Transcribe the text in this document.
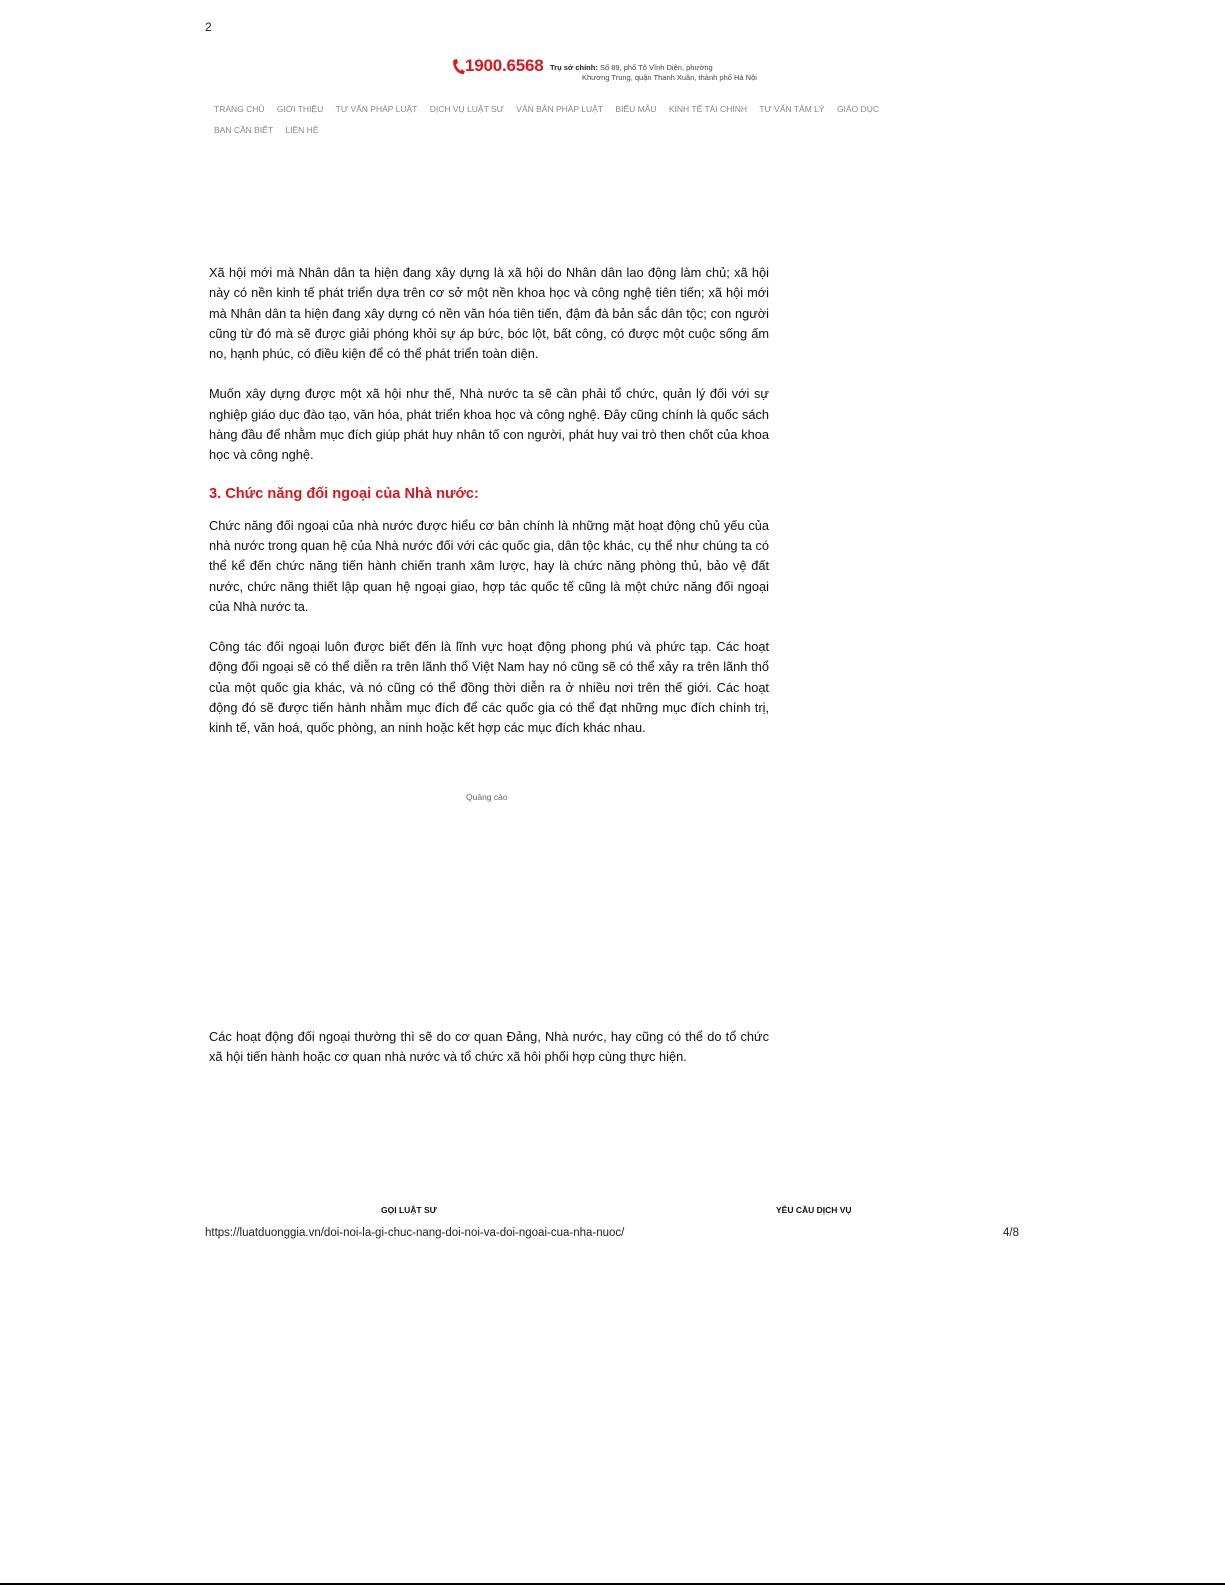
2
1900.6568 Trụ sở chính: Số 89, phố Tô Vĩnh Diện, phường
Khương Trung, quận Thanh Xuân, thành phố Hà Nội
TRANG CHỦ GIỚI THIỆU TƯ VẤN PHÁP LUẬT DỊCH VỤ LUẬT SƯ VĂN BẢN PHÁP LUẬT BIỂU MẪU KINH TẾ TÀI CHÍNH TƯ VẤN TÂM LÝ GIÁO DỤC
BẠN CẦN BIẾT LIÊN HỆ

Xã hội mới mà Nhân dân ta hiện đang xây dựng là xã hội do Nhân dân lao động làm chủ; xã hội này có nền kinh tế phát triển dựa trên cơ sở một nền khoa học và công nghệ tiên tiến; xã hội mới mà Nhân dân ta hiện đang xây dựng có nền văn hóa tiên tiến, đậm đà bản sắc dân tộc; con người cũng từ đó mà sẽ được giải phóng khỏi sự áp bức, bóc lột, bất công, có được một cuộc sống ấm no, hạnh phúc, có điều kiện để có thể phát triển toàn diện.

Muốn xây dựng được một xã hội như thế, Nhà nước ta sẽ cần phải tổ chức, quản lý đối với sự nghiệp giáo dục đào tạo, văn hóa, phát triển khoa học và công nghệ. Đây cũng chính là quốc sách hàng đầu để nhằm mục đích giúp phát huy nhân tố con người, phát huy vai trò then chốt của khoa học và công nghệ.

3. Chức năng đối ngoại của Nhà nước:

Chức năng đối ngoại của nhà nước được hiểu cơ bản chính là những mặt hoạt động chủ yếu của nhà nước trong quan hệ của Nhà nước đối với các quốc gia, dân tộc khác, cụ thể như chúng ta có thể kể đến chức năng tiến hành chiến tranh xâm lược, hay là chức năng phòng thủ, bảo vệ đất nước, chức năng thiết lập quan hệ ngoại giao, hợp tác quốc tế cũng là một chức năng đối ngoại của Nhà nước ta.

Công tác đối ngoại luôn được biết đến là lĩnh vực hoạt động phong phú và phức tạp. Các hoạt động đối ngoại sẽ có thể diễn ra trên lãnh thổ Việt Nam hay nó cũng sẽ có thể xảy ra trên lãnh thổ của một quốc gia khác, và nó cũng có thể đồng thời diễn ra ở nhiều nơi trên thế giới. Các hoạt động đó sẽ được tiến hành nhằm mục đích để các quốc gia có thể đạt những mục đích chính trị, kinh tế, văn hoá, quốc phòng, an ninh hoặc kết hợp các mục đích khác nhau.

Quảng cáo

Các hoạt động đối ngoại thường thì sẽ do cơ quan Đảng, Nhà nước, hay cũng có thể do tổ chức xã hội tiến hành hoặc cơ quan nhà nước và tổ chức xã hôi phối hợp cùng thực hiện.

GỌI LUẬT SƯ	YÊU CẦU DỊCH VỤ
https://luatduonggia.vn/doi-noi-la-gi-chuc-nang-doi-noi-va-doi-ngoai-cua-nha-nuoc/	4/8
